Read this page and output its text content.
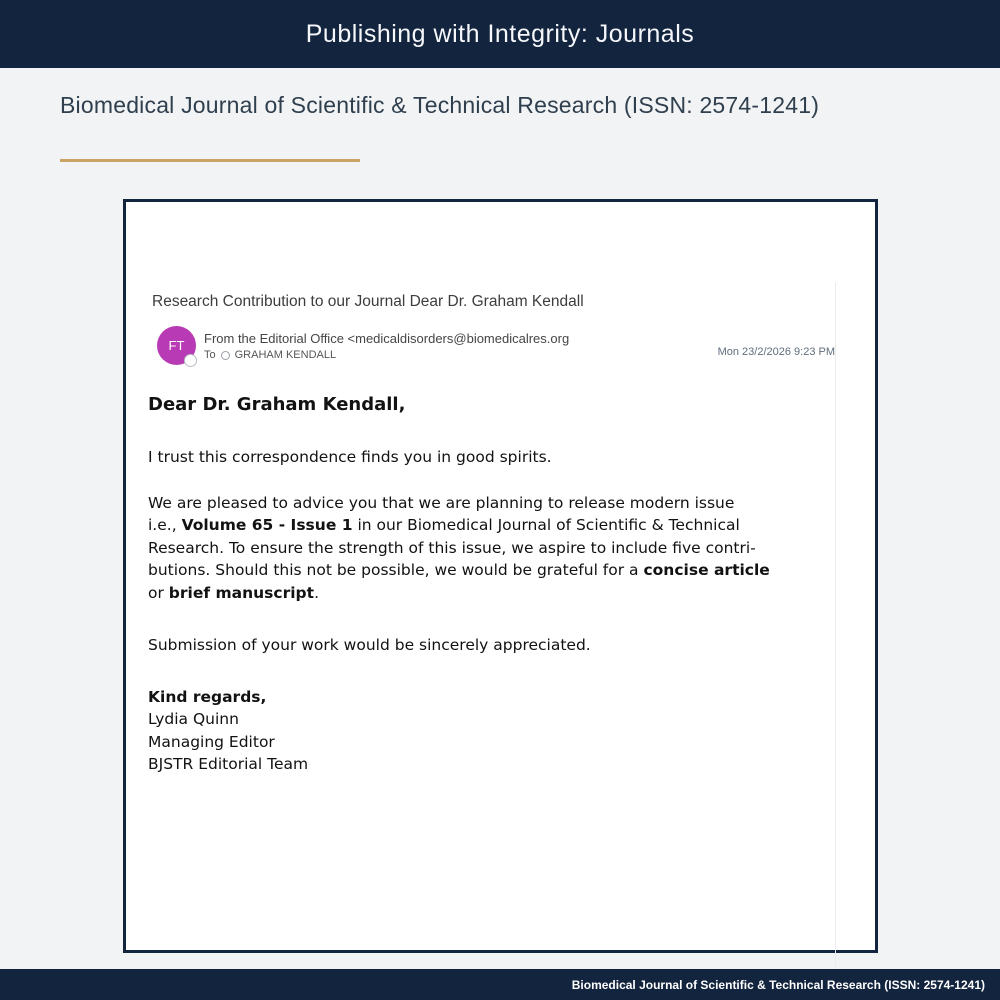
Publishing with Integrity: Journals
Biomedical Journal of Scientific & Technical Research (ISSN: 2574-1241)
Research Contribution to our Journal Dear Dr. Graham Kendall
FT From the Editorial Office <medicaldisorders@biomedicalres.org
To GRAHAM KENDALL	Mon 23/2/2026 9:23 PM
Dear Dr. Graham Kendall,
I trust this correspondence finds you in good spirits.
We are pleased to advice you that we are planning to release modern issue
i.e., Volume 65 - Issue 1 in our Biomedical Journal of Scientific & Technical
Research. To ensure the strength of this issue, we aspire to include five contri-
butions. Should this not be possible, we would be grateful for a concise article
or brief manuscript.
Submission of your work would be sincerely appreciated.
Kind regards,
Lydia Quinn
Managing Editor
BJSTR Editorial Team
Biomedical Journal of Scientific & Technical Research (ISSN: 2574-1241)
